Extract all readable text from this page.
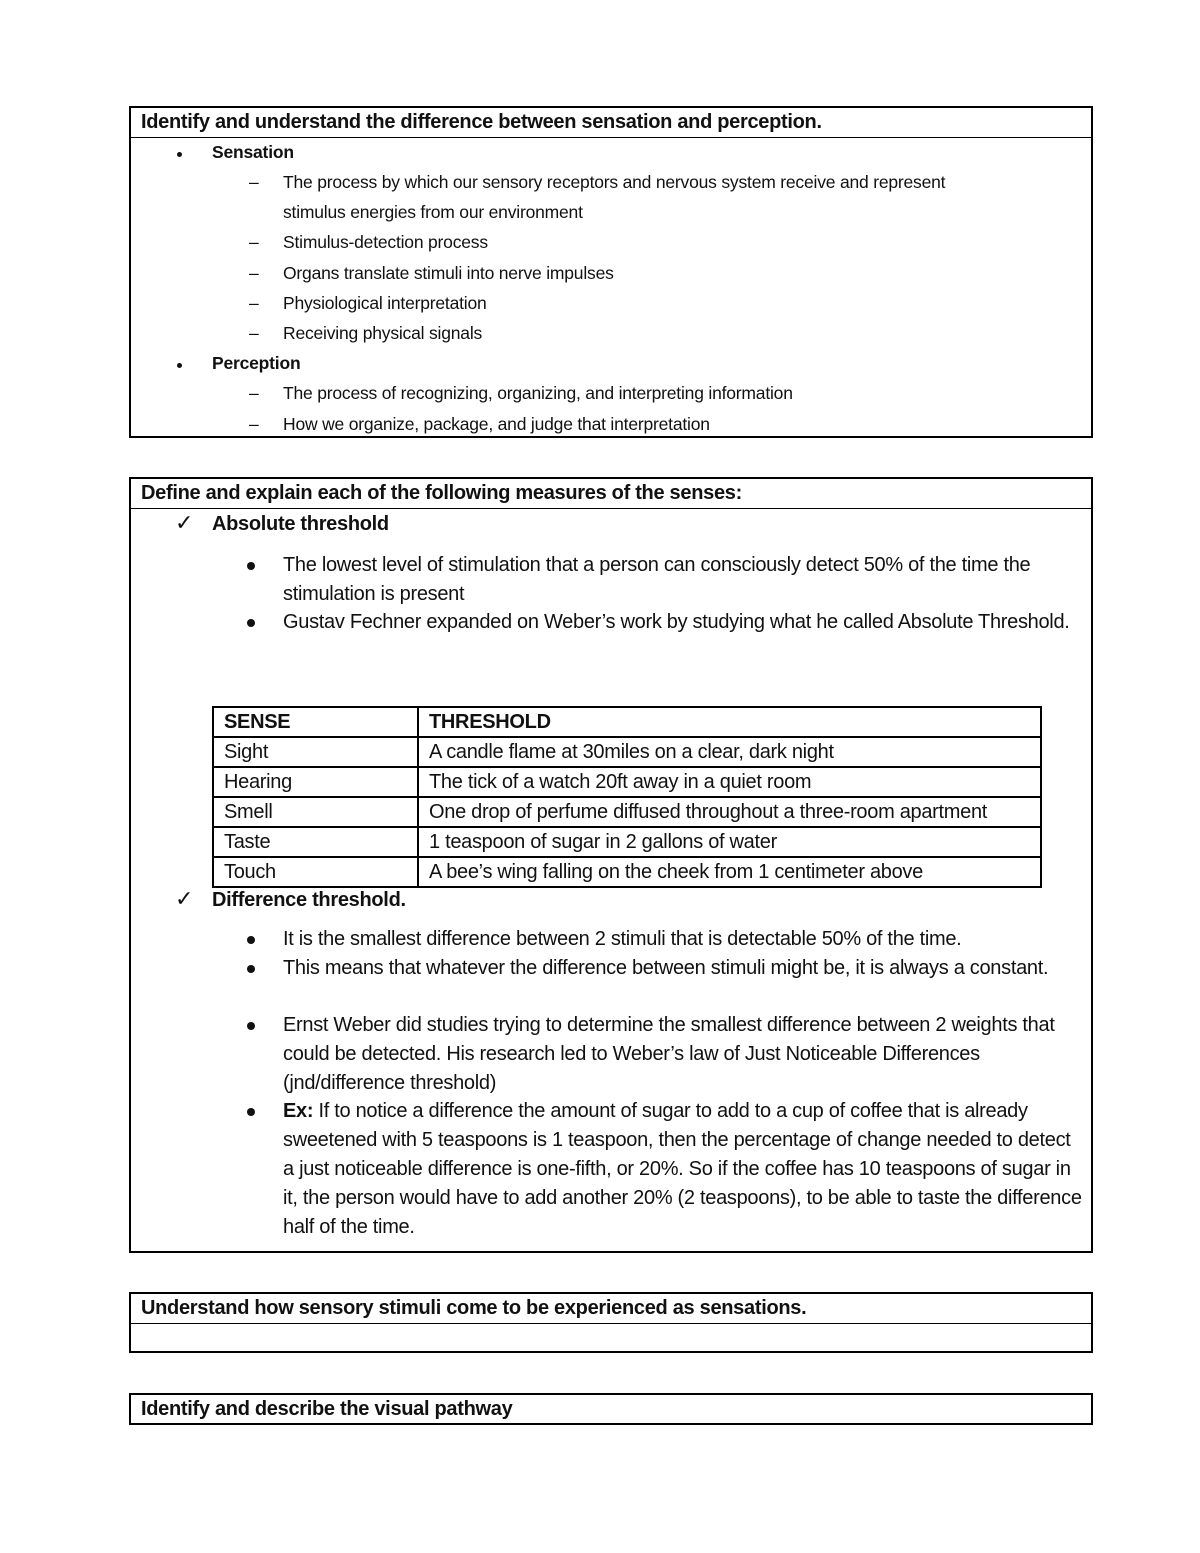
Identify and understand the difference between sensation and perception.
Sensation
– The process by which our sensory receptors and nervous system receive and represent
stimulus energies from our environment
– Stimulus-detection process
– Organs translate stimuli into nerve impulses
– Physiological interpretation
– Receiving physical signals
Perception
– The process of recognizing, organizing, and interpreting information
– How we organize, package, and judge that interpretation
Define and explain each of the following measures of the senses:
✓ Absolute threshold
The lowest level of stimulation that a person can consciously detect 50% of the time the stimulation is present
Gustav Fechner expanded on Weber’s work by studying what he called Absolute Threshold.
SENSE	THRESHOLD
Sight	A candle flame at 30miles on a clear, dark night
Hearing	The tick of a watch 20ft away in a quiet room
Smell	One drop of perfume diffused throughout a three-room apartment
Taste	1 teaspoon of sugar in 2 gallons of water
Touch	A bee’s wing falling on the cheek from 1 centimeter above
✓ Difference threshold.
It is the smallest difference between 2 stimuli that is detectable 50% of the time.
This means that whatever the difference between stimuli might be, it is always a constant.
Ernst Weber did studies trying to determine the smallest difference between 2 weights that could be detected. His research led to Weber’s law of Just Noticeable Differences (jnd/difference threshold)
Ex: If to notice a difference the amount of sugar to add to a cup of coffee that is already sweetened with 5 teaspoons is 1 teaspoon, then the percentage of change needed to detect a just noticeable difference is one-fifth, or 20%. So if the coffee has 10 teaspoons of sugar in it, the person would have to add another 20% (2 teaspoons), to be able to taste the difference half of the time.
Understand how sensory stimuli come to be experienced as sensations.
Identify and describe the visual pathway
